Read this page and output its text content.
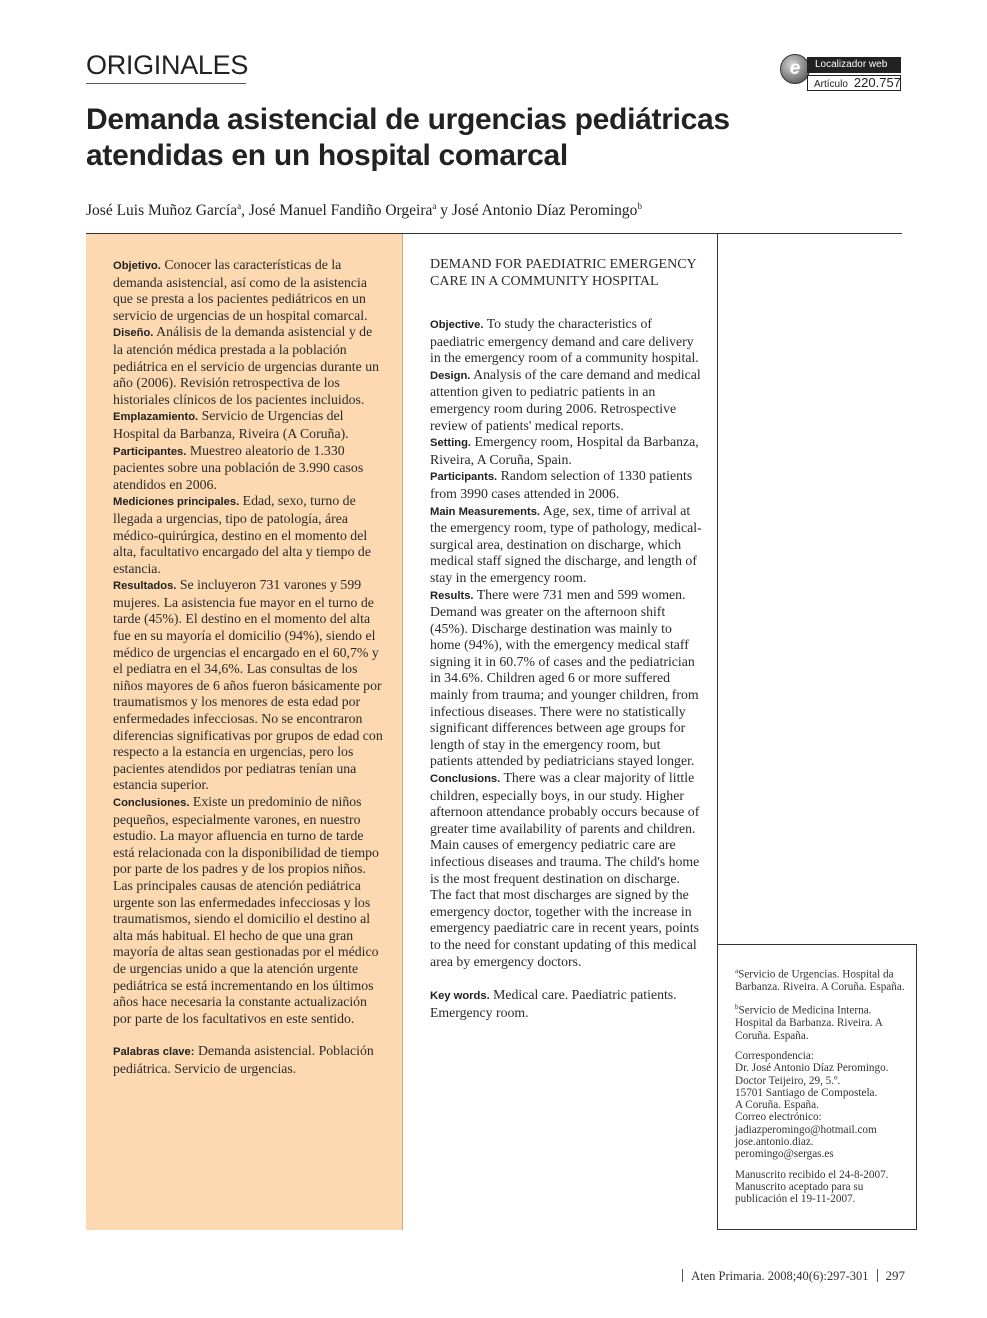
ORIGINALES	e	Localizador web
Artículo 220.757
Demanda asistencial de urgencias pediátricas
atendidas en un hospital comarcal
José Luis Muñoz García$^a$, José Manuel Fandiño Orgeira$^a$ y José Antonio Díaz Peromingo$^b$

Objetivo. Conocer las características de la demanda asistencial, así como de la asistencia que se presta a los pacientes pediátricos en un servicio de urgencias de un hospital comarcal.

Diseño. Análisis de la demanda asistencial y de la atención médica prestada a la población pediátrica en el servicio de urgencias durante un año (2006). Revisión retrospectiva de los historiales clínicos de los pacientes incluidos.

Emplazamiento. Servicio de Urgencias del Hospital da Barbanza, Riveira (A Coruña).

Participantes. Muestreo aleatorio de 1.330 pacientes sobre una población de 3.990 casos atendidos en 2006.

Mediciones principales. Edad, sexo, turno de llegada a urgencias, tipo de patología, área médico-quirúrgica, destino en el momento del alta, facultativo encargado del alta y tiempo de estancia.

Resultados. Se incluyeron 731 varones y 599 mujeres. La asistencia fue mayor en el turno de tarde (45%). El destino en el momento del alta fue en su mayoría el domicilio (94%), siendo el médico de urgencias el encargado en el 60,7% y el pediatra en el 34,6%. Las consultas de los niños mayores de 6 años fueron básicamente por traumatismos y los menores de esta edad por enfermedades infecciosas. No se encontraron diferencias significativas por grupos de edad con respecto a la estancia en urgencias, pero los pacientes atendidos por pediatras tenían una estancia superior.

Conclusiones. Existe un predominio de niños pequeños, especialmente varones, en nuestro estudio. La mayor afluencia en turno de tarde está relacionada con la disponibilidad de tiempo por parte de los padres y de los propios niños. Las principales causas de atención pediátrica urgente son las enfermedades infecciosas y los traumatismos, siendo el domicilio el destino al alta más habitual. El hecho de que una gran mayoría de altas sean gestionadas por el médico de urgencias unido a que la atención urgente pediátrica se está incrementando en los últimos años hace necesaria la constante actualización por parte de los facultativos en este sentido.

Palabras clave: Demanda asistencial. Población pediátrica. Servicio de urgencias.

DEMAND FOR PAEDIATRIC EMERGENCY CARE IN A COMMUNITY HOSPITAL

Objective. To study the characteristics of paediatric emergency demand and care delivery in the emergency room of a community hospital.

Design. Analysis of the care demand and medical attention given to pediatric patients in an emergency room during 2006. Retrospective review of patients' medical reports.

Setting. Emergency room, Hospital da Barbanza, Riveira, A Coruña, Spain.

Participants. Random selection of 1330 patients from 3990 cases attended in 2006.

Main Measurements. Age, sex, time of arrival at the emergency room, type of pathology, medical-surgical area, destination on discharge, which medical staff signed the discharge, and length of stay in the emergency room.

Results. There were 731 men and 599 women. Demand was greater on the afternoon shift (45%). Discharge destination was mainly to home (94%), with the emergency medical staff signing it in 60.7% of cases and the pediatrician in 34.6%. Children aged 6 or more suffered mainly from trauma; and younger children, from infectious diseases. There were no statistically significant differences between age groups for length of stay in the emergency room, but patients attended by pediatricians stayed longer.

Conclusions. There was a clear majority of little children, especially boys, in our study. Higher afternoon attendance probably occurs because of greater time availability of parents and children. Main causes of emergency pediatric care are infectious diseases and trauma. The child's home is the most frequent destination on discharge. The fact that most discharges are signed by the emergency doctor, together with the increase in emergency paediatric care in recent years, points to the need for constant updating of this medical area by emergency doctors.

Key words. Medical care. Paediatric patients. Emergency room.

$^a$Servicio de Urgencias. Hospital da Barbanza. Riveira. A Coruña. España.

$^b$Servicio de Medicina Interna. Hospital da Barbanza. Riveira. A Coruña. España.

Correspondencia:
Dr. José Antonio Díaz Peromingo.
Doctor Teijeiro, 29, 5.º.
15701 Santiago de Compostela.
A Coruña. España.
Correo electrónico:
jadiazperomingo@hotmail.com
jose.antonio.diaz.
peromingo@sergas.es

Manuscrito recibido el 24-8-2007.
Manuscrito aceptado para su publicación el 19-11-2007.

Aten Primaria. 2008;40(6):297-301 297
